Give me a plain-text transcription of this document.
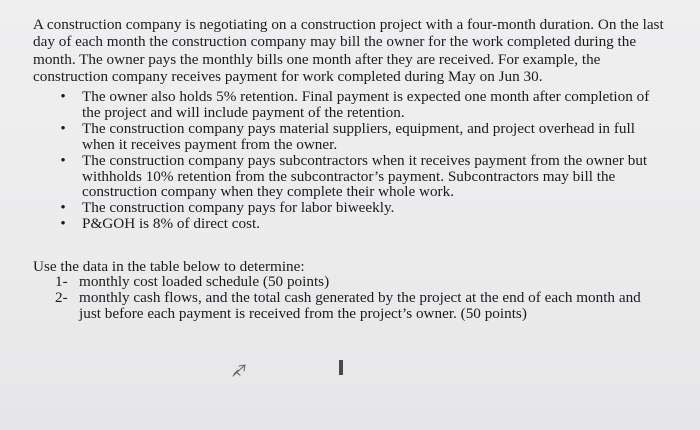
A construction company is negotiating on a construction project with a four-month duration. On the last day of each month the construction company may bill the owner for the work completed during the month. The owner pays the monthly bills one month after they are received. For example, the construction company receives payment for work completed during May on Jun 30.

• The owner also holds 5% retention. Final payment is expected one month after completion of the project and will include payment of the retention.
• The construction company pays material suppliers, equipment, and project overhead in full when it receives payment from the owner.
• The construction company pays subcontractors when it receives payment from the owner but withholds 10% retention from the subcontractor’s payment. Subcontractors may bill the construction company when they complete their whole work.
• The construction company pays for labor biweekly.
• P&GOH is 8% of direct cost.

Use the data in the table below to determine:

1- monthly cost loaded schedule (50 points)
2- monthly cash flows, and the total cash generated by the project at the end of each month and just before each payment is received from the project’s owner. (50 points)
